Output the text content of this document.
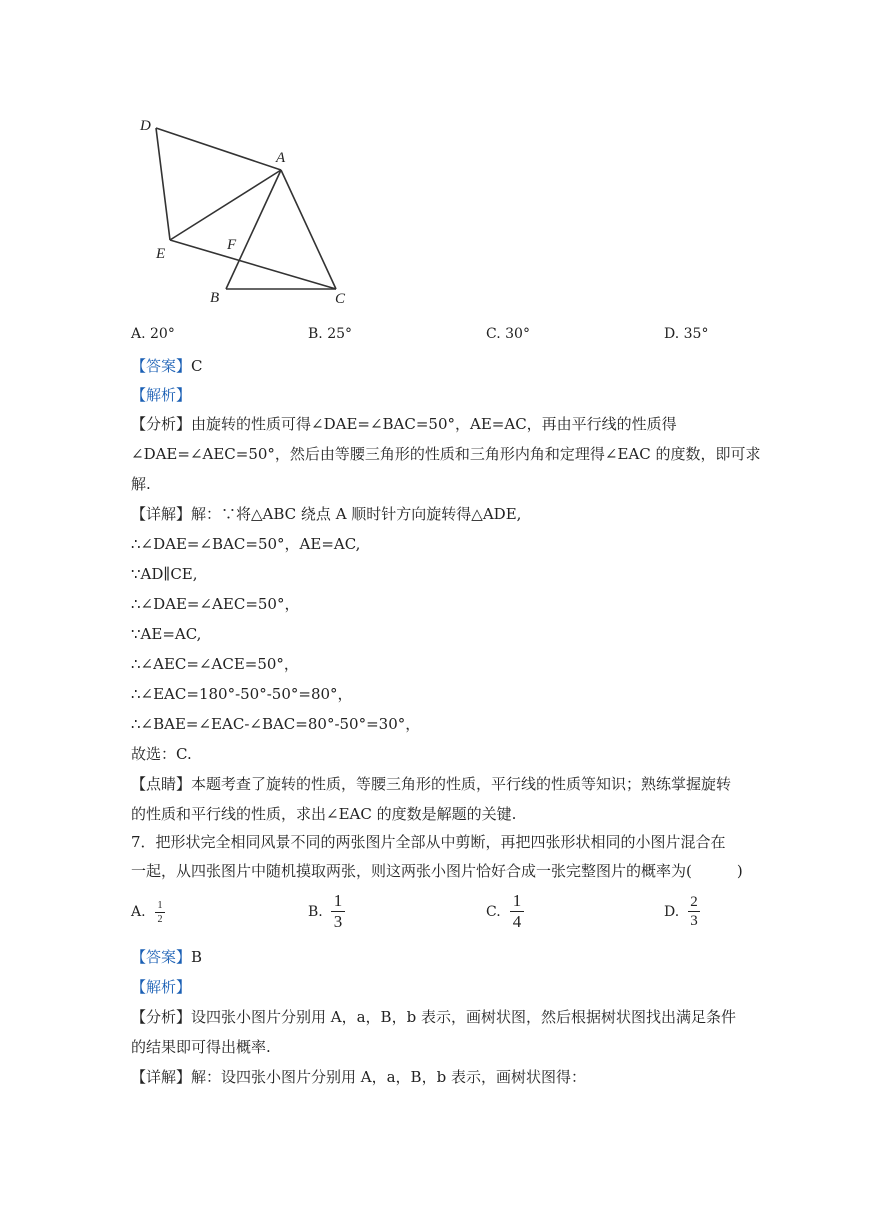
D
A
E
F
B	C
A. 20°	B. 25°	C. 30°	D. 35°
【答案】C
【解析】
【分析】由旋转的性质可得∠DAE=∠BAC=50°，AE=AC，再由平行线的性质得
∠DAE=∠AEC=50°，然后由等腰三角形的性质和三角形内角和定理得∠EAC 的度数，即可求
解.
【详解】解：∵将△ABC 绕点 A 顺时针方向旋转得△ADE,
∴∠DAE=∠BAC=50°，AE=AC,
∵AD∥CE,
∴∠DAE=∠AEC=50°，
∵AE=AC,
∴∠AEC=∠ACE=50°，
∴∠EAC=180°-50°-50°=80°，
∴∠BAE=∠EAC-∠BAC=80°-50°=30°，
故选：C.
【点睛】本题考查了旋转的性质，等腰三角形的性质，平行线的性质等知识；熟练掌握旋转
的性质和平行线的性质，求出∠EAC 的度数是解题的关键.
7．把形状完全相同风景不同的两张图片全部从中剪断，再把四张形状相同的小图片混合在
一起，从四张图片中随机摸取两张，则这两张小图片恰好合成一张完整图片的概率为(　　　)
A. 1
2	B.
1
3	C.
1
4	D.
2
3
【答案】B
【解析】
【分析】设四张小图片分别用 A，a，B，b 表示，画树状图，然后根据树状图找出满足条件
的结果即可得出概率.
【详解】解：设四张小图片分别用 A，a，B，b 表示，画树状图得：
